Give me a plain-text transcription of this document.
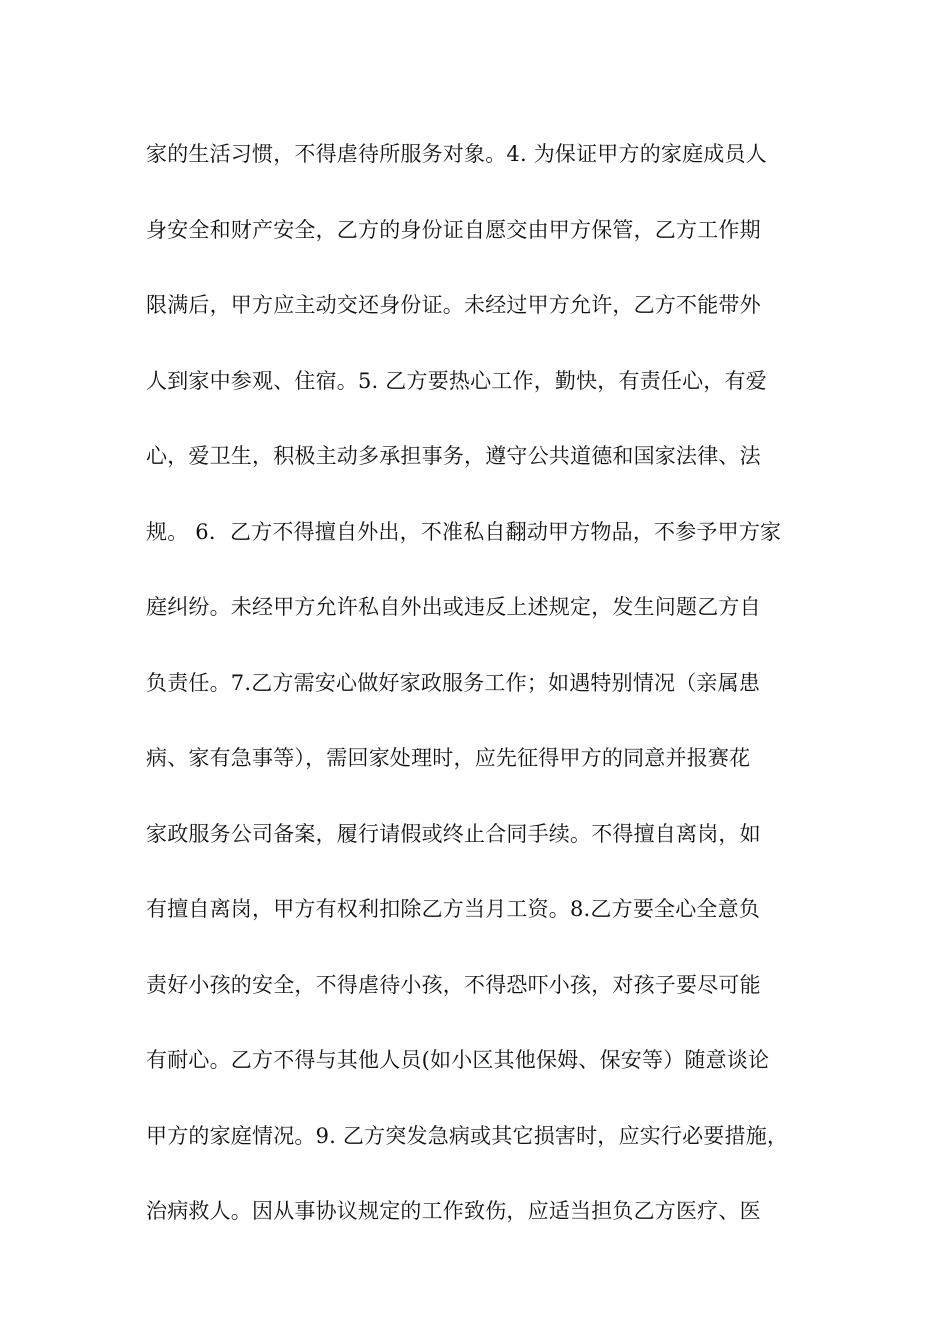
家的生活习惯，不得虐待所服务对象。4. 为保证甲方的家庭成员人
身安全和财产安全，乙方的身份证自愿交由甲方保管，乙方工作期
限满后，甲方应主动交还身份证。未经过甲方允许，乙方不能带外
人到家中参观、住宿。5. 乙方要热心工作，勤快，有责任心，有爱
心，爱卫生，积极主动多承担事务，遵守公共道德和国家法律、法
规。 6．乙方不得擅自外出，不准私自翻动甲方物品，不参予甲方家
庭纠纷。未经甲方允许私自外出或违反上述规定，发生问题乙方自
负责任。7.乙方需安心做好家政服务工作；如遇特别情况（亲属患
病、家有急事等），需回家处理时，应先征得甲方的同意并报赛花
家政服务公司备案，履行请假或终止合同手续。不得擅自离岗，如
有擅自离岗，甲方有权利扣除乙方当月工资。8.乙方要全心全意负
责好小孩的安全，不得虐待小孩，不得恐吓小孩，对孩子要尽可能
有耐心。乙方不得与其他人员(如小区其他保姆、保安等）随意谈论
甲方的家庭情况。9. 乙方突发急病或其它损害时，应实行必要措施，
治病救人。因从事协议规定的工作致伤，应适当担负乙方医疗、医
